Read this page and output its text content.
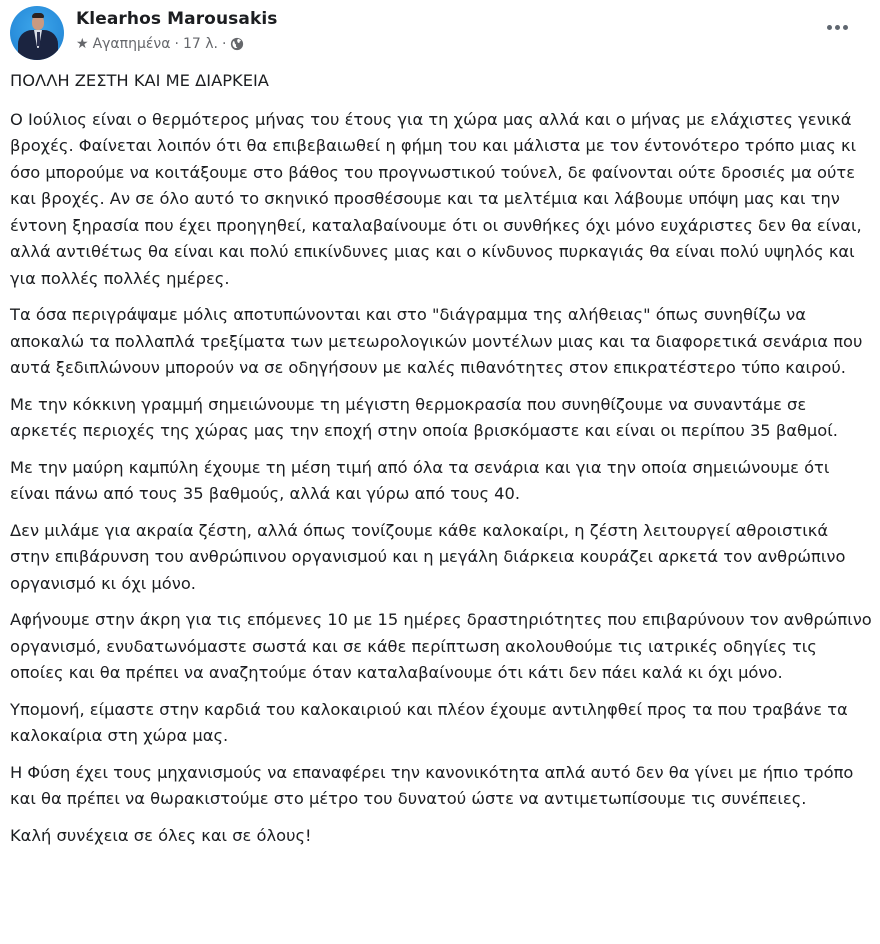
Klearhos Marousakis
★ Αγαπημένα · 17 λ. ·

ΠΟΛΛΗ ΖΕΣΤΗ ΚΑΙ ΜΕ ΔΙΑΡΚΕΙΑ

Ο Ιούλιος είναι ο θερμότερος μήνας του έτους για τη χώρα μας αλλά και ο μήνας με ελάχιστες γενικά βροχές. Φαίνεται λοιπόν ότι θα επιβεβαιωθεί η φήμη του και μάλιστα με τον έντονότερο τρόπο μιας κι όσο μπορούμε να κοιτάξουμε στο βάθος του προγνωστικού τούνελ, δε φαίνονται ούτε δροσιές μα ούτε και βροχές. Αν σε όλο αυτό το σκηνικό προσθέσουμε και τα μελτέμια και λάβουμε υπόψη μας και την έντονη ξηρασία που έχει προηγηθεί, καταλαβαίνουμε ότι οι συνθήκες όχι μόνο ευχάριστες δεν θα είναι, αλλά αντιθέτως θα είναι και πολύ επικίνδυνες μιας και ο κίνδυνος πυρκαγιάς θα είναι πολύ υψηλός και για πολλές πολλές ημέρες.

Τα όσα περιγράψαμε μόλις αποτυπώνονται και στο "διάγραμμα της αλήθειας" όπως συνηθίζω να αποκαλώ τα πολλαπλά τρεξίματα των μετεωρολογικών μοντέλων μιας και τα διαφορετικά σενάρια που αυτά ξεδιπλώνουν μπορούν να σε οδηγήσουν με καλές πιθανότητες στον επικρατέστερο τύπο καιρού.

Με την κόκκινη γραμμή σημειώνουμε τη μέγιστη θερμοκρασία που συνηθίζουμε να συναντάμε σε αρκετές περιοχές της χώρας μας την εποχή στην οποία βρισκόμαστε και είναι οι περίπου 35 βαθμοί.

Με την μαύρη καμπύλη έχουμε τη μέση τιμή από όλα τα σενάρια και για την οποία σημειώνουμε ότι είναι πάνω από τους 35 βαθμούς, αλλά και γύρω από τους 40.

Δεν μιλάμε για ακραία ζέστη, αλλά όπως τονίζουμε κάθε καλοκαίρι, η ζέστη λειτουργεί αθροιστικά στην επιβάρυνση του ανθρώπινου οργανισμού και η μεγάλη διάρκεια κουράζει αρκετά τον ανθρώπινο οργανισμό κι όχι μόνο.

Αφήνουμε στην άκρη για τις επόμενες 10 με 15 ημέρες δραστηριότητες που επιβαρύνουν τον ανθρώπινο οργανισμό, ενυδατωνόμαστε σωστά και σε κάθε περίπτωση ακολουθούμε τις ιατρικές οδηγίες τις οποίες και θα πρέπει να αναζητούμε όταν καταλαβαίνουμε ότι κάτι δεν πάει καλά κι όχι μόνο.

Υπομονή, είμαστε στην καρδιά του καλοκαιριού και πλέον έχουμε αντιληφθεί προς τα που τραβάνε τα καλοκαίρια στη χώρα μας.

Η Φύση έχει τους μηχανισμούς να επαναφέρει την κανονικότητα απλά αυτό δεν θα γίνει με ήπιο τρόπο και θα πρέπει να θωρακιστούμε στο μέτρο του δυνατού ώστε να αντιμετωπίσουμε τις συνέπειες.

Καλή συνέχεια σε όλες και σε όλους!
